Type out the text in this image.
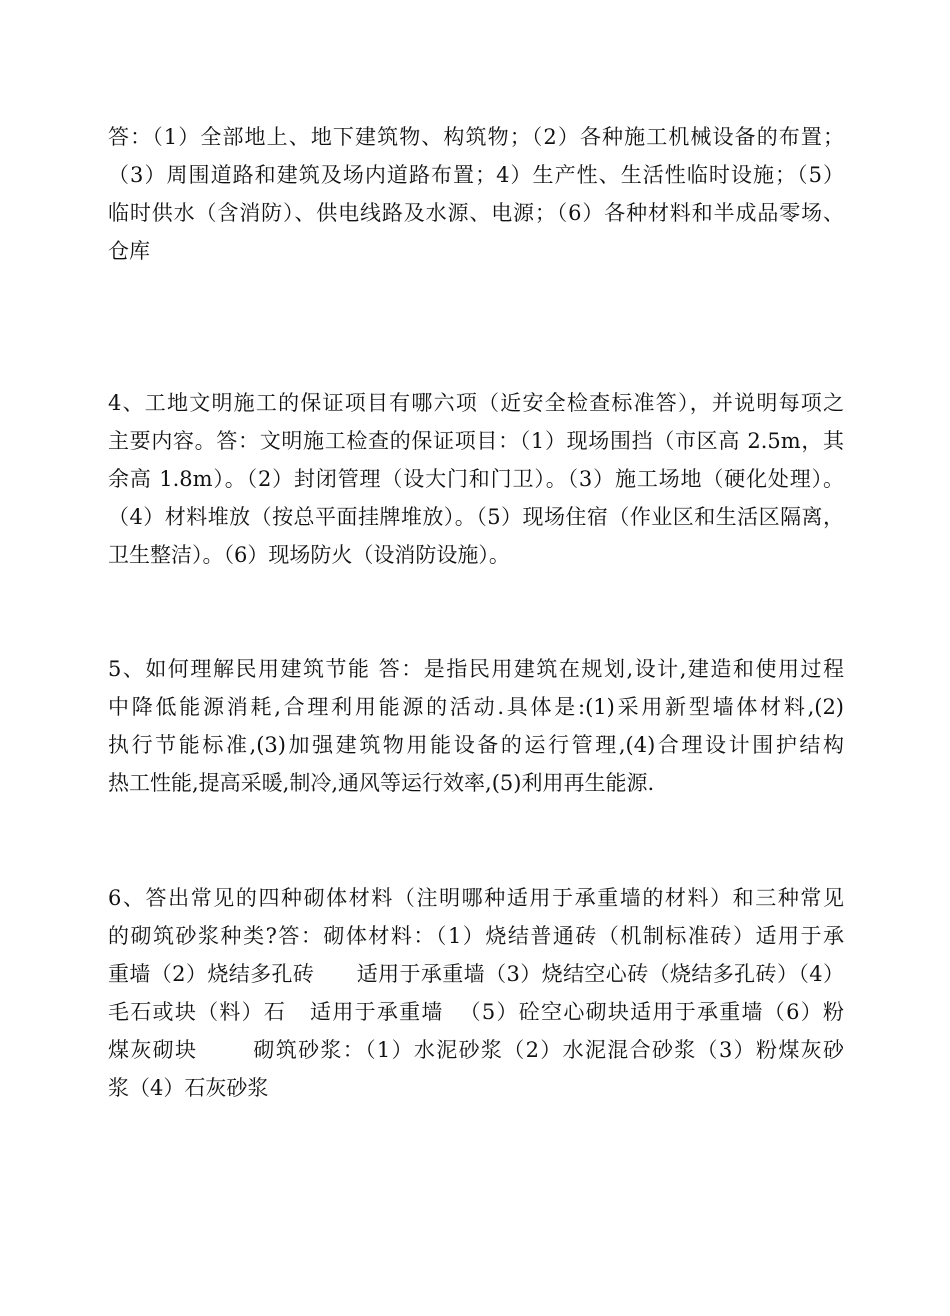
答：（1）全部地上、地下建筑物、构筑物；（2）各种施工机械设备的布置；
（3）周围道路和建筑及场内道路布置；4）生产性、生活性临时设施；（5）
临时供水（含消防）、供电线路及水源、电源；（6）各种材料和半成品零场、
仓库
4、工地文明施工的保证项目有哪六项（近安全检查标准答），并说明每项之
主要内容。答：文明施工检查的保证项目：（1）现场围挡（市区高 2.5m，其
余高 1.8m）。（2）封闭管理（设大门和门卫）。（3）施工场地（硬化处理）。
（4）材料堆放（按总平面挂牌堆放）。（5）现场住宿（作业区和生活区隔离，
卫生整洁）。（6）现场防火（设消防设施）。
5、如何理解民用建筑节能 答：是指民用建筑在规划,设计,建造和使用过程
中降低能源消耗,合理利用能源的活动.具体是:(1)采用新型墙体材料,(2)
执行节能标准,(3)加强建筑物用能设备的运行管理,(4)合理设计围护结构
热工性能,提高采暖,制冷,通风等运行效率,(5)利用再生能源.
6、答出常见的四种砌体材料（注明哪种适用于承重墙的材料）和三种常见
的砌筑砂浆种类?答：砌体材料：（1）烧结普通砖（机制标准砖）适用于承
重墙（2）烧结多孔砖      适用于承重墙（3）烧结空心砖（烧结多孔砖）（4）
毛石或块（料）石   适用于承重墙  （5）砼空心砌块适用于承重墙（6）粉
煤灰砌块       砌筑砂浆：（1）水泥砂浆（2）水泥混合砂浆（3）粉煤灰砂
浆（4）石灰砂浆
